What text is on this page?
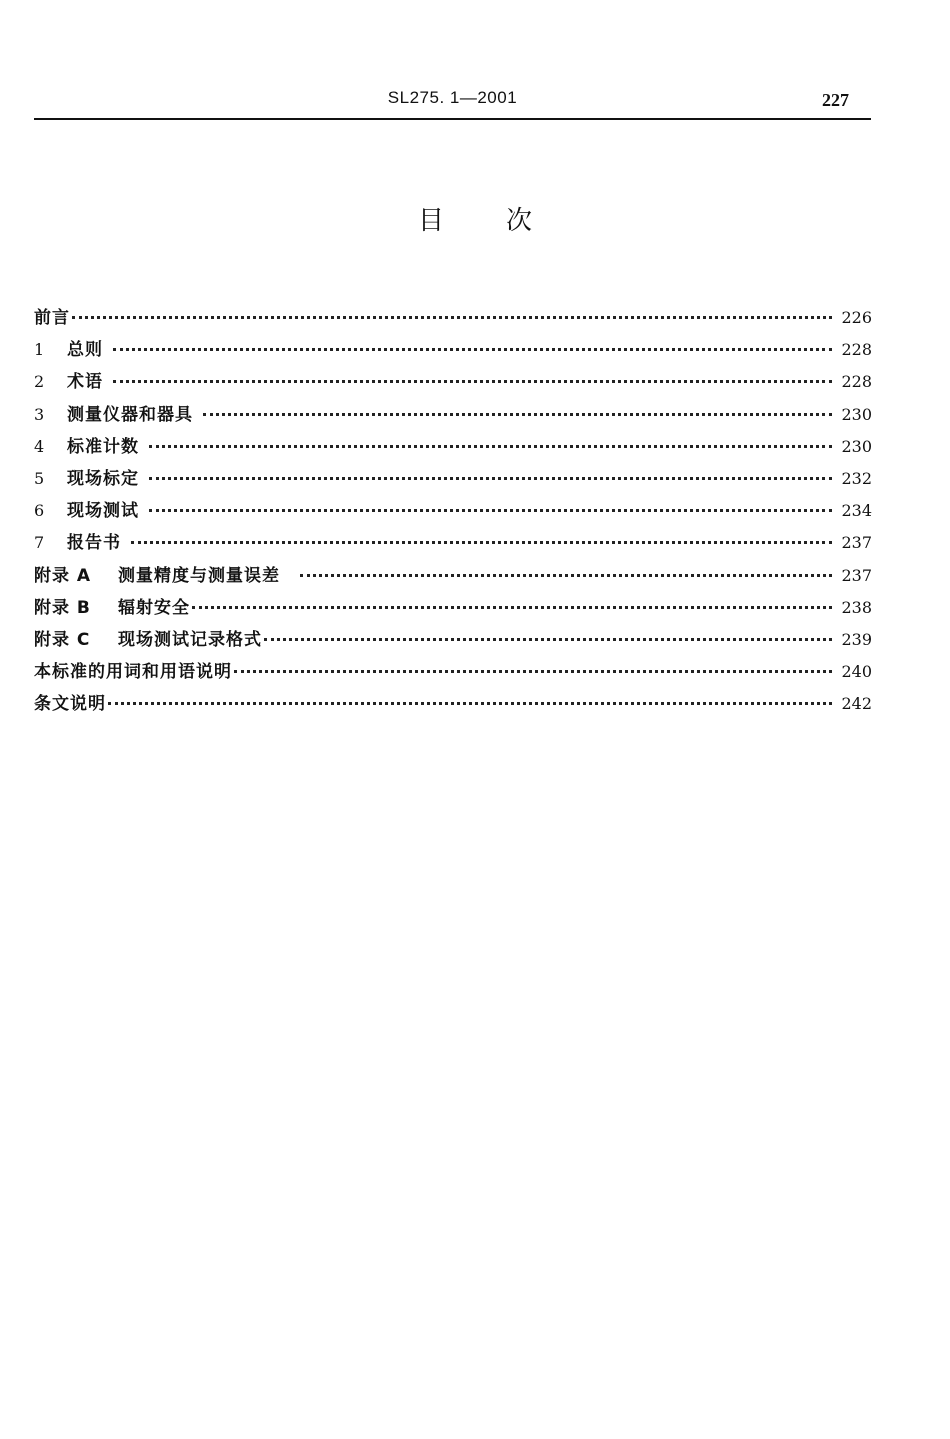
SL275. 1—2001	227
目次
前言	226
1	总则	228
2	术语	228
3	测量仪器和器具	230
4	标准计数	230
5	现场标定	232
6	现场测试	234
7	报告书	237
附录 A	测量精度与测量误差	237
附录 B	辐射安全	238
附录 C	现场测试记录格式	239
本标准的用词和用语说明	240
条文说明	242
